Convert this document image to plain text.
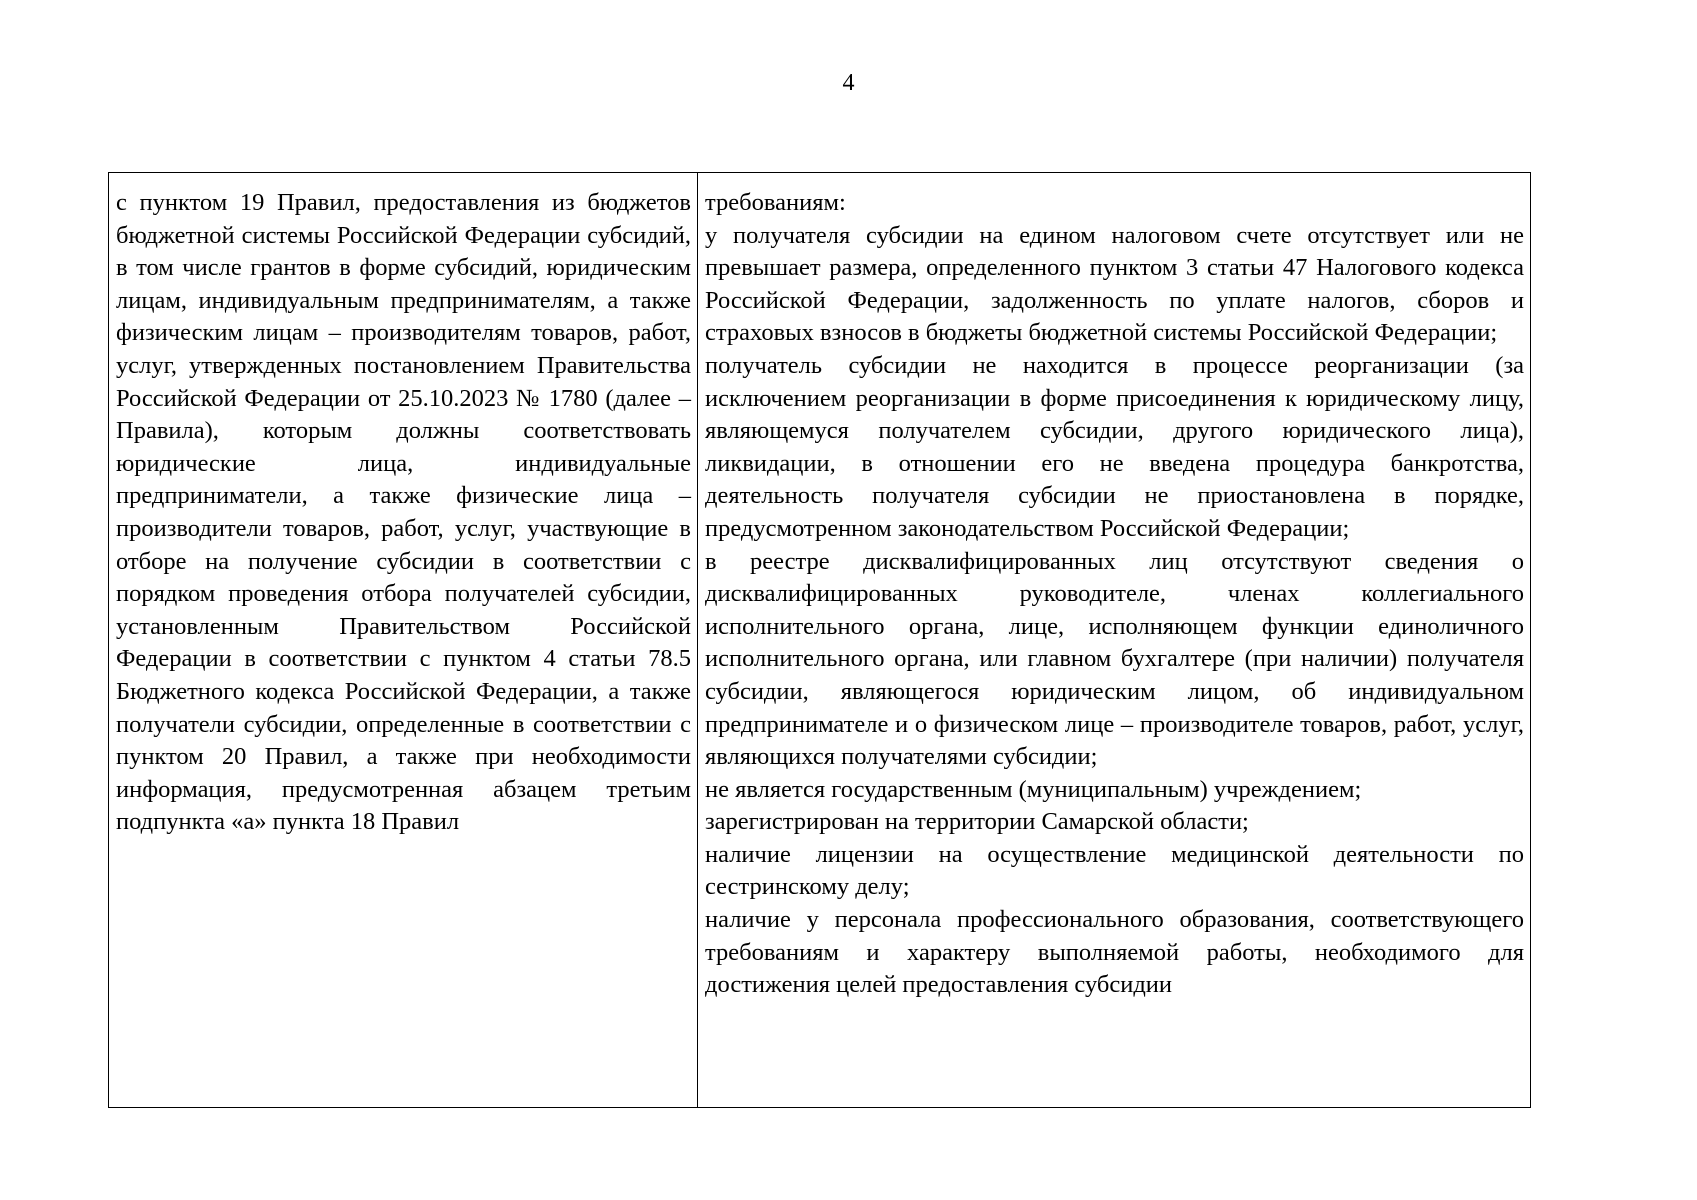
4

с пунктом 19 Правил, предоставления из бюджетов бюджетной системы Российской Федерации субсидий, в том числе грантов в форме субсидий, юридическим лицам, индивидуальным предпринимателям, а также физическим лицам – производителям товаров, работ, услуг, утвержденных постановлением Правительства Российской Федерации от 25.10.2023 № 1780 (далее – Правила), которым должны соответствовать юридические лица, индивидуальные предприниматели, а также физические лица – производители товаров, работ, услуг, участвующие в отборе на получение субсидии в соответствии с порядком проведения отбора получателей субсидии, установленным Правительством Российской Федерации в соответствии с пунктом 4 статьи 78.5 Бюджетного кодекса Российской Федерации, а также получатели субсидии, определенные в соответствии с пунктом 20 Правил, а также при необходимости информация, предусмотренная абзацем третьим подпункта «а» пункта 18 Правил

требованиям:

у получателя субсидии на едином налоговом счете отсутствует или не превышает размера, определенного пунктом 3 статьи 47 Налогового кодекса Российской Федерации, задолженность по уплате налогов, сборов и страховых взносов в бюджеты бюджетной системы Российской Федерации;

получатель субсидии не находится в процессе реорганизации (за исключением реорганизации в форме присоединения к юридическому лицу, являющемуся получателем субсидии, другого юридического лица), ликвидации, в отношении его не введена процедура банкротства, деятельность получателя субсидии не приостановлена в порядке, предусмотренном законодательством Российской Федерации;

в реестре дисквалифицированных лиц отсутствуют сведения о дисквалифицированных руководителе, членах коллегиального исполнительного органа, лице, исполняющем функции единоличного исполнительного органа, или главном бухгалтере (при наличии) получателя субсидии, являющегося юридическим лицом, об индивидуальном предпринимателе и о физическом лице – производителе товаров, работ, услуг, являющихся получателями субсидии;

не является государственным (муниципальным) учреждением;

зарегистрирован на территории Самарской области;

наличие лицензии на осуществление медицинской деятельности по сестринскому делу;

наличие у персонала профессионального образования, соответствующего требованиям и характеру выполняемой работы, необходимого для достижения целей предоставления субсидии
